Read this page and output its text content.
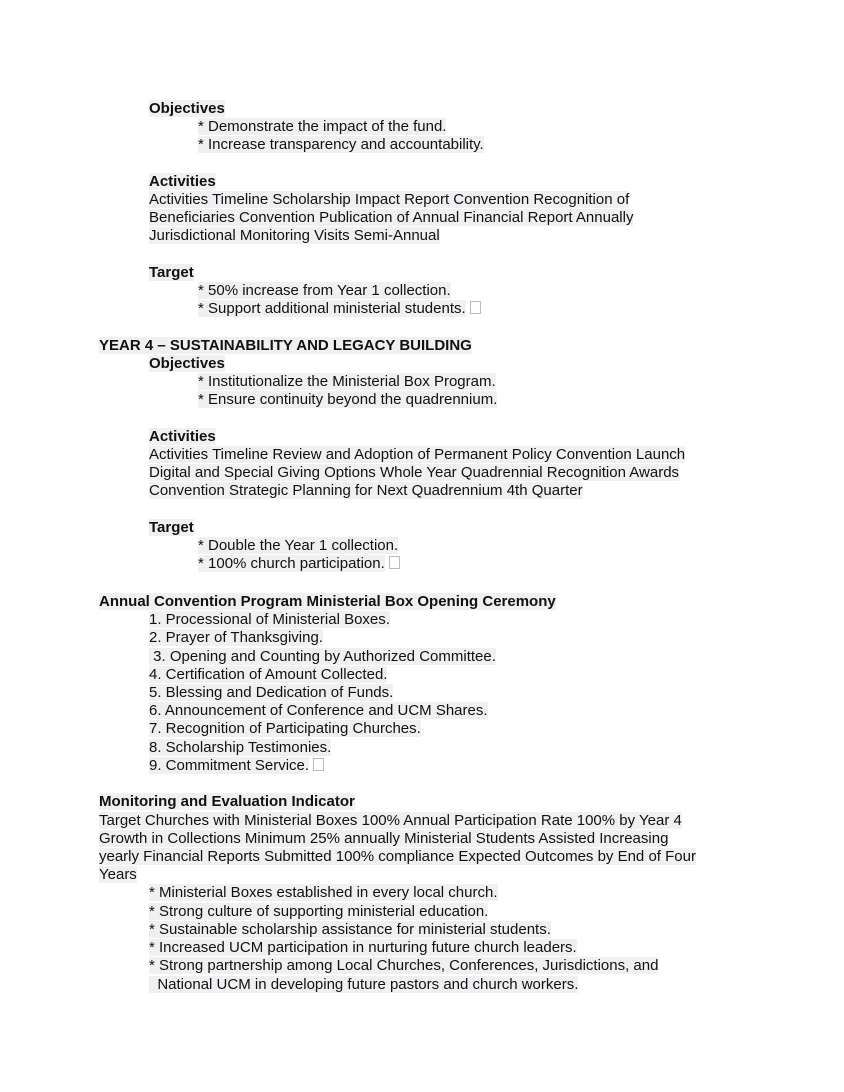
Objectives
* Demonstrate the impact of the fund.
* Increase transparency and accountability.
Activities
Activities Timeline Scholarship Impact Report Convention Recognition of
Beneficiaries Convention Publication of Annual Financial Report Annually
Jurisdictional Monitoring Visits Semi-Annual
Target
* 50% increase from Year 1 collection.
* Support additional ministerial students.
YEAR 4 – SUSTAINABILITY AND LEGACY BUILDING
Objectives
* Institutionalize the Ministerial Box Program.
* Ensure continuity beyond the quadrennium.
Activities
Activities Timeline Review and Adoption of Permanent Policy Convention Launch
Digital and Special Giving Options Whole Year Quadrennial Recognition Awards
Convention Strategic Planning for Next Quadrennium 4th Quarter
Target
* Double the Year 1 collection.
* 100% church participation.
Annual Convention Program Ministerial Box Opening Ceremony
1. Processional of Ministerial Boxes.
2. Prayer of Thanksgiving.
3. Opening and Counting by Authorized Committee.
4. Certification of Amount Collected.
5. Blessing and Dedication of Funds.
6. Announcement of Conference and UCM Shares.
7. Recognition of Participating Churches.
8. Scholarship Testimonies.
9. Commitment Service.
Monitoring and Evaluation Indicator
Target Churches with Ministerial Boxes 100% Annual Participation Rate 100% by Year 4
Growth in Collections Minimum 25% annually Ministerial Students Assisted Increasing
yearly Financial Reports Submitted 100% compliance Expected Outcomes by End of Four
Years
* Ministerial Boxes established in every local church.
* Strong culture of supporting ministerial education.
* Sustainable scholarship assistance for ministerial students.
* Increased UCM participation in nurturing future church leaders.
* Strong partnership among Local Churches, Conferences, Jurisdictions, and
National UCM in developing future pastors and church workers.
